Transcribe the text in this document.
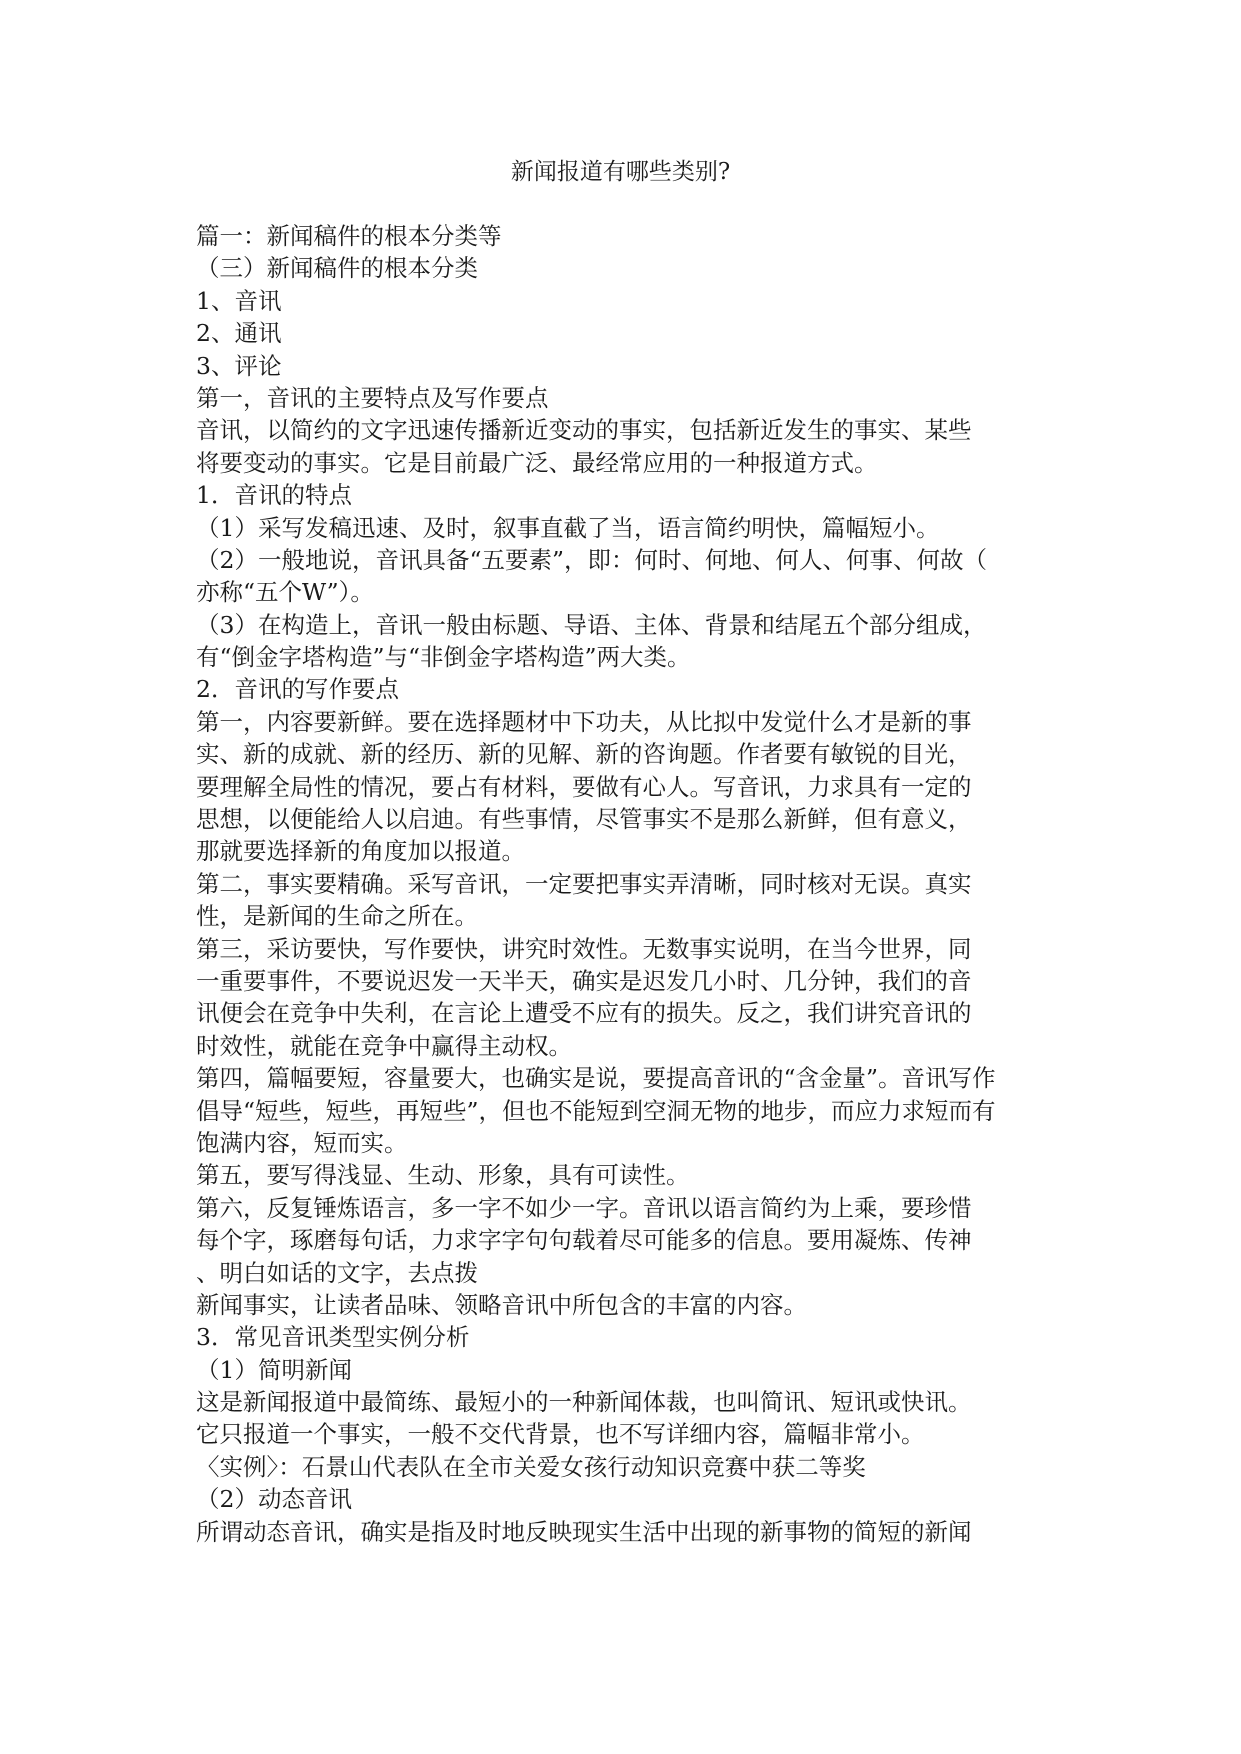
新闻报道有哪些类别?
篇一：新闻稿件的根本分类等
（三）新闻稿件的根本分类
1、音讯
2、通讯
3、评论
第一，音讯的主要特点及写作要点
音讯，以简约的文字迅速传播新近变动的事实，包括新近发生的事实、某些
将要变动的事实。它是目前最广泛、最经常应用的一种报道方式。
1．音讯的特点
（1）采写发稿迅速、及时，叙事直截了当，语言简约明快，篇幅短小。
（2）一般地说，音讯具备“五要素”，即：何时、何地、何人、何事、何故（
亦称“五个W”）。
（3）在构造上，音讯一般由标题、导语、主体、背景和结尾五个部分组成，
有“倒金字塔构造”与“非倒金字塔构造”两大类。
2．音讯的写作要点
第一，内容要新鲜。要在选择题材中下功夫，从比拟中发觉什么才是新的事
实、新的成就、新的经历、新的见解、新的咨询题。作者要有敏锐的目光，
要理解全局性的情况，要占有材料，要做有心人。写音讯，力求具有一定的
思想，以便能给人以启迪。有些事情，尽管事实不是那么新鲜，但有意义，
那就要选择新的角度加以报道。
第二，事实要精确。采写音讯，一定要把事实弄清晰，同时核对无误。真实
性，是新闻的生命之所在。
第三，采访要快，写作要快，讲究时效性。无数事实说明，在当今世界，同
一重要事件，不要说迟发一天半天，确实是迟发几小时、几分钟，我们的音
讯便会在竞争中失利，在言论上遭受不应有的损失。反之，我们讲究音讯的
时效性，就能在竞争中赢得主动权。
第四，篇幅要短，容量要大，也确实是说，要提高音讯的“含金量”。音讯写作
倡导“短些，短些，再短些”，但也不能短到空洞无物的地步，而应力求短而有
饱满内容，短而实。
第五，要写得浅显、生动、形象，具有可读性。
第六，反复锤炼语言，多一字不如少一字。音讯以语言简约为上乘，要珍惜
每个字，琢磨每句话，力求字字句句载着尽可能多的信息。要用凝炼、传神
、明白如话的文字，去点拨
新闻事实，让读者品味、领略音讯中所包含的丰富的内容。
3．常见音讯类型实例分析
（1）简明新闻
这是新闻报道中最简练、最短小的一种新闻体裁，也叫简讯、短讯或快讯。
它只报道一个事实，一般不交代背景，也不写详细内容，篇幅非常小。
〈实例〉：石景山代表队在全市关爱女孩行动知识竞赛中获二等奖
（2）动态音讯
所谓动态音讯，确实是指及时地反映现实生活中出现的新事物的简短的新闻
